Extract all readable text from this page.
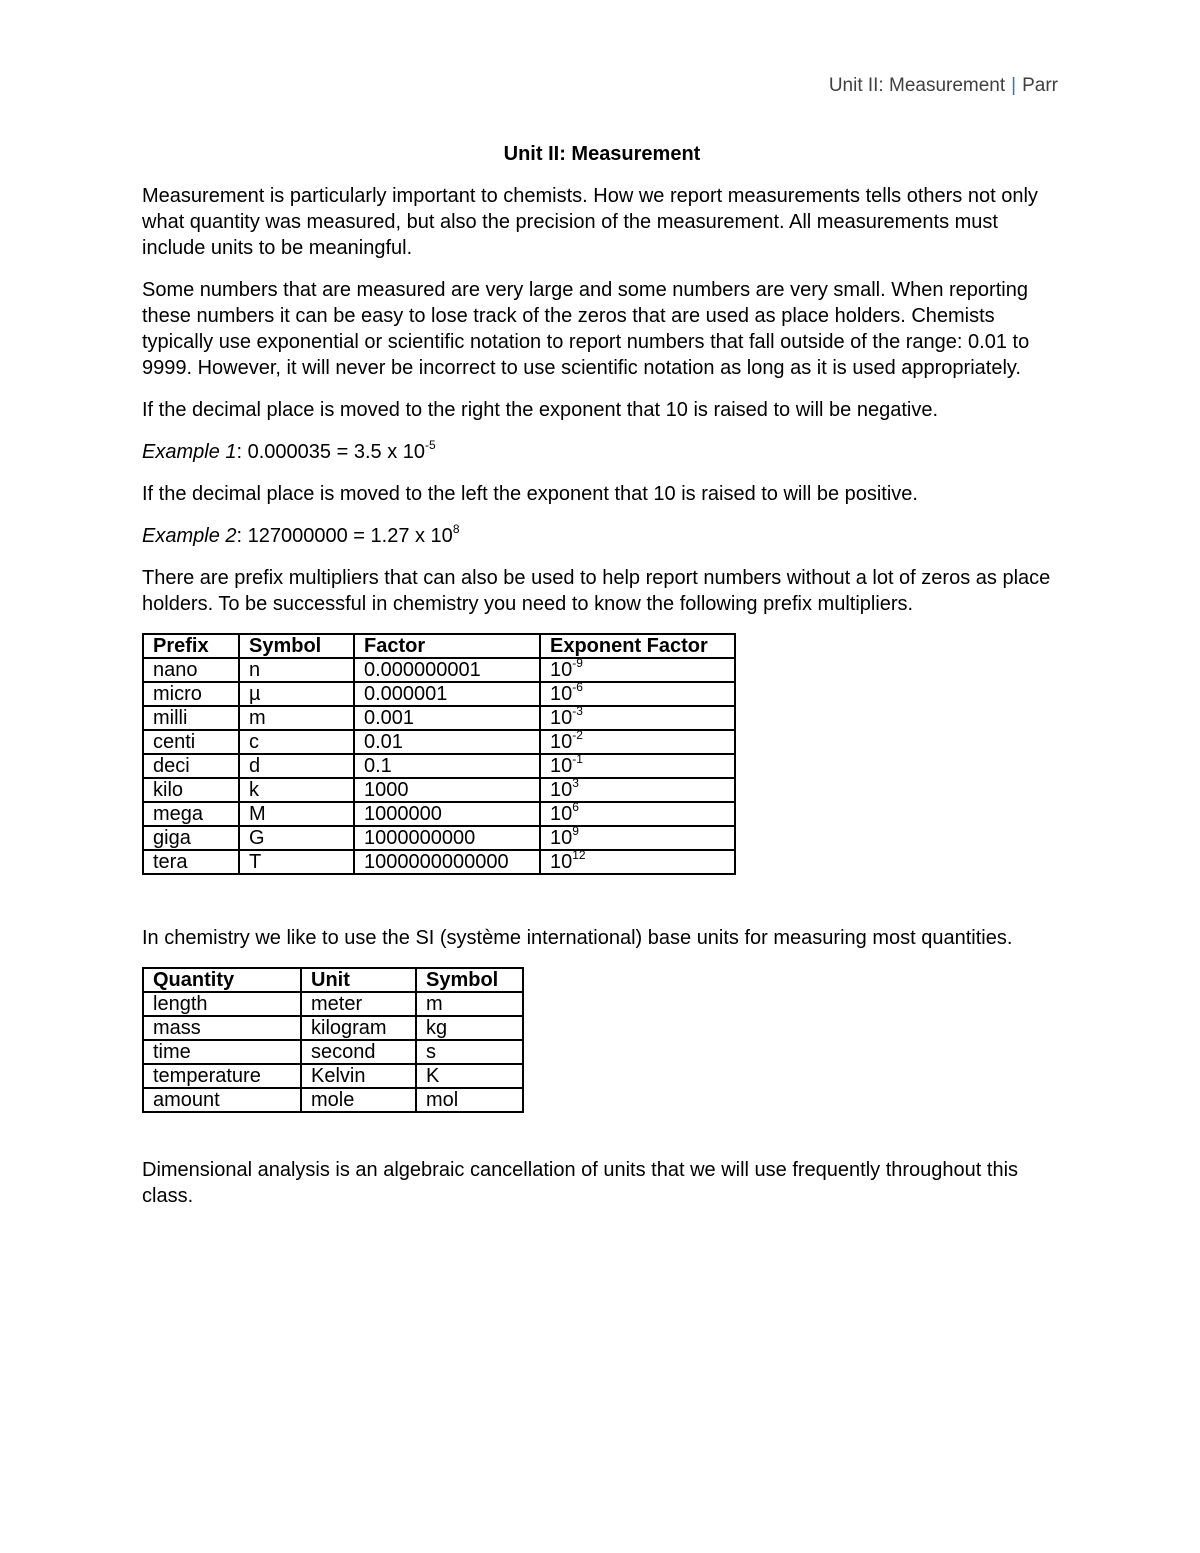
Unit II: Measurement | Parr
Unit II: Measurement

Measurement is particularly important to chemists. How we report measurements tells others not only what quantity was measured, but also the precision of the measurement. All measurements must include units to be meaningful.

Some numbers that are measured are very large and some numbers are very small. When reporting these numbers it can be easy to lose track of the zeros that are used as place holders. Chemists typically use exponential or scientific notation to report numbers that fall outside of the range: 0.01 to 9999. However, it will never be incorrect to use scientific notation as long as it is used appropriately.

If the decimal place is moved to the right the exponent that 10 is raised to will be negative.

Example 1: 0.000035 = 3.5 x $10^{-5}$

If the decimal place is moved to the left the exponent that 10 is raised to will be positive.

Example 2: 127000000 = 1.27 x $10^8$

There are prefix multipliers that can also be used to help report numbers without a lot of zeros as place holders. To be successful in chemistry you need to know the following prefix multipliers.

Prefix	Symbol	Factor	Exponent Factor
nano	n	0.000000001	$10^{-9}$
micro	µ	0.000001	$10^{-6}$
milli	m	0.001	$10^{-3}$
centi	c	0.01	$10^{-2}$
deci	d	0.1	$10^{-1}$
kilo	k	1000	$10^3$
mega	M	1000000	$10^6$
giga	G	1000000000	$10^9$
tera	T	1000000000000	$10^{12}$

In chemistry we like to use the SI (système international) base units for measuring most quantities.

Quantity	Unit	Symbol
length	meter	m
mass	kilogram	kg
time	second	s
temperature	Kelvin	K
amount	mole	mol

Dimensional analysis is an algebraic cancellation of units that we will use frequently throughout this class.
